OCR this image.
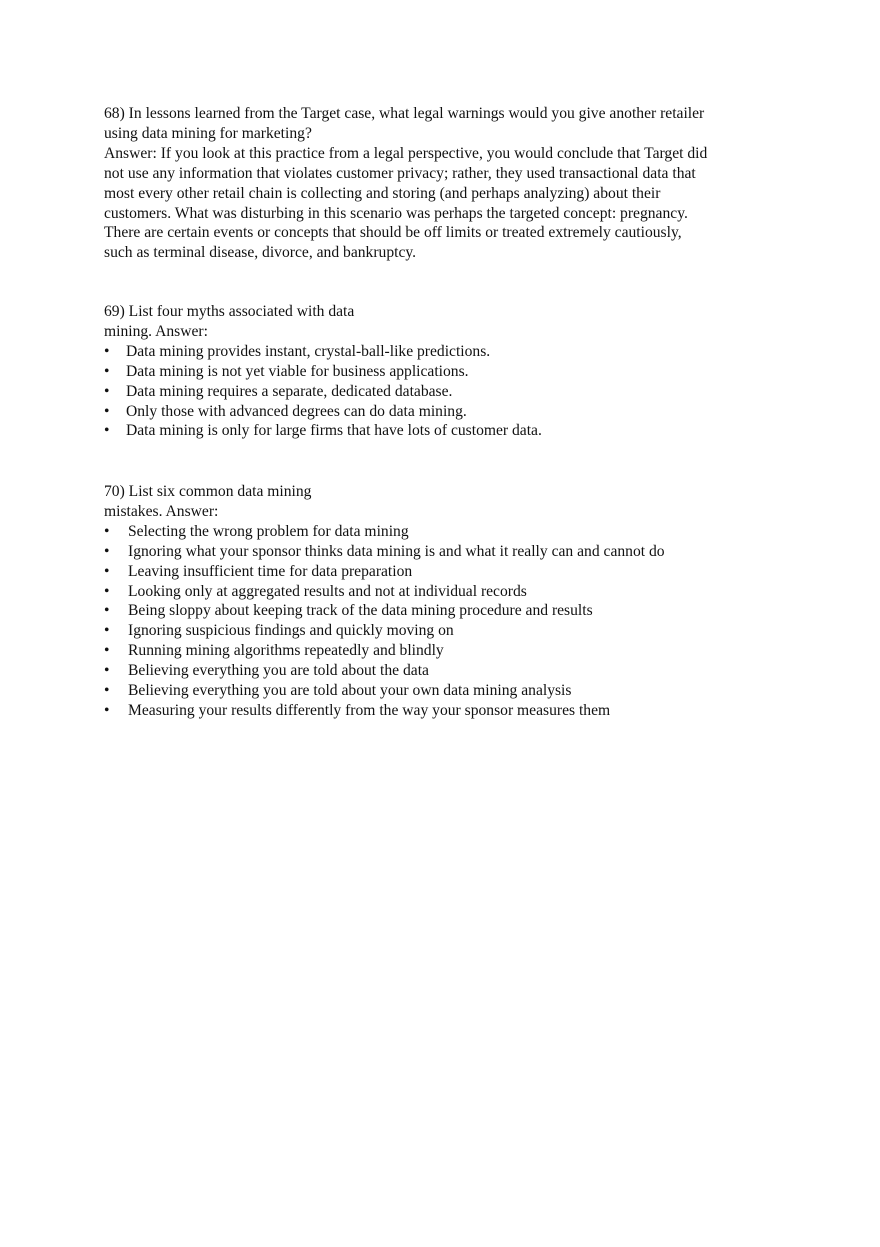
68) In lessons learned from the Target case, what legal warnings would you give another retailer

using data mining for marketing?

Answer: If you look at this practice from a legal perspective, you would conclude that Target did

not use any information that violates customer privacy; rather, they used transactional data that

most every other retail chain is collecting and storing (and perhaps analyzing) about their

customers. What was disturbing in this scenario was perhaps the targeted concept: pregnancy.

There are certain events or concepts that should be off limits or treated extremely cautiously,

such as terminal disease, divorce, and bankruptcy.

69) List four myths associated with data

mining. Answer:

• Data mining provides instant, crystal-ball-like predictions.
• Data mining is not yet viable for business applications.
• Data mining requires a separate, dedicated database.
• Only those with advanced degrees can do data mining.
• Data mining is only for large firms that have lots of customer data.

70) List six common data mining

mistakes. Answer:

• Selecting the wrong problem for data mining
• Ignoring what your sponsor thinks data mining is and what it really can and cannot do
• Leaving insufficient time for data preparation
• Looking only at aggregated results and not at individual records
• Being sloppy about keeping track of the data mining procedure and results
• Ignoring suspicious findings and quickly moving on
• Running mining algorithms repeatedly and blindly
• Believing everything you are told about the data
• Believing everything you are told about your own data mining analysis
• Measuring your results differently from the way your sponsor measures them
